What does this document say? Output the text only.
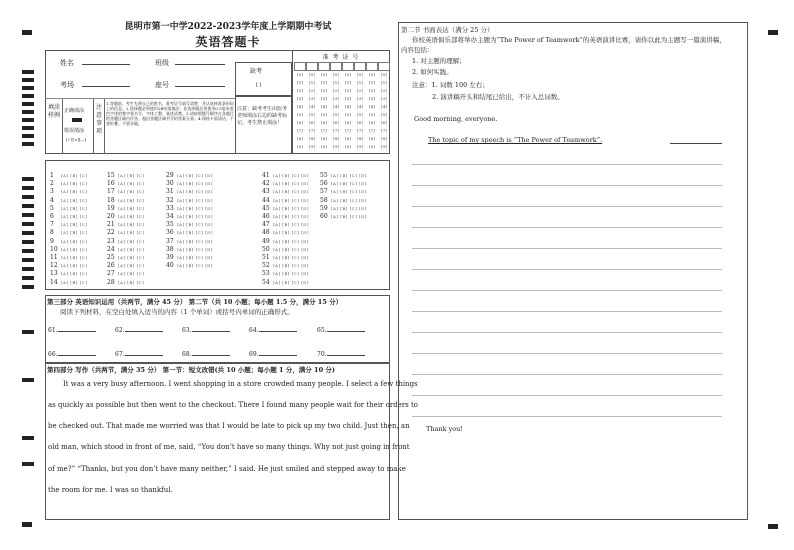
昆明市第一中学2022-2023学年度上学期期中考试
英语答题卡
姓名	班级
考场	座号
缺考
[ ]
填涂样例
正确填涂
错误填涂
[✓][×][—]
注意事项
1.答题前，考生先将自己的姓名、准考证号填写清楚，并认真核准条形码上的信息。2.选择题必须使用2B铅笔填涂；非选择题必须使用0.5毫米黑色字迹的签字笔书写，字体工整、笔迹清楚。3.请按照题号顺序在各题目的答题区域内作答，超出答题区域书写的答案无效。4.保持卡面清洁，不要折叠、不要弄破。
注意：缺考考生由监考老师填涂右边的缺考标记。考生禁止填涂！
准 考 证 号
[0]
[1]
[2]
[3]
[4]
[5]
[6]
[7]
[8]
[9]
[0]
[1]
[2]
[3]
[4]
[5]
[6]
[7]
[8]
[9]
[0]
[1]
[2]
[3]
[4]
[5]
[6]
[7]
[8]
[9]
[0]
[1]
[2]
[3]
[4]
[5]
[6]
[7]
[8]
[9]
[0]
[1]
[2]
[3]
[4]
[5]
[6]
[7]
[8]
[9]
[0]
[1]
[2]
[3]
[4]
[5]
[6]
[7]
[8]
[9]
[0]
[1]
[2]
[3]
[4]
[5]
[6]
[7]
[8]
[9]
[0]
[1]
[2]
[3]
[4]
[5]
[6]
[7]
[8]
[9]
1 [A] [B] [C]
2 [A] [B] [C]
3 [A] [B] [C]
4 [A] [B] [C]
5 [A] [B] [C]
6 [A] [B] [C]
7 [A] [B] [C]
8 [A] [B] [C]
9 [A] [B] [C]
10 [A] [B] [C]
11 [A] [B] [C]
12 [A] [B] [C]
13 [A] [B] [C]
14 [A] [B] [C]
15 [A] [B] [C]
16 [A] [B] [C]
17 [A] [B] [C]
18 [A] [B] [C]
19 [A] [B] [C]
20 [A] [B] [C]
21 [A] [B] [C]
22 [A] [B] [C]
23 [A] [B] [C]
24 [A] [B] [C]
25 [A] [B] [C]
26 [A] [B] [C]
27 [A] [B] [C]
28 [A] [B] [C]
29 [A] [B] [C] [D]
30 [A] [B] [C] [D]
31 [A] [B] [C] [D]
32 [A] [B] [C] [D]
33 [A] [B] [C] [D]
34 [A] [B] [C] [D]
35 [A] [B] [C] [D]
36 [A] [B] [C] [D]
37 [A] [B] [C] [D]
38 [A] [B] [C] [D]
39 [A] [B] [C] [D]
40 [A] [B] [C] [D]
41 [A] [B] [C] [D]
42 [A] [B] [C] [D]
43 [A] [B] [C] [D]
44 [A] [B] [C] [D]
45 [A] [B] [C] [D]
46 [A] [B] [C] [D]
47 [A] [B] [C] [D]
48 [A] [B] [C] [D]
49 [A] [B] [C] [D]
50 [A] [B] [C] [D]
51 [A] [B] [C] [D]
52 [A] [B] [C] [D]
53 [A] [B] [C] [D]
54 [A] [B] [C] [D]
55 [A] [B] [C] [D]
56 [A] [B] [C] [D]
57 [A] [B] [C] [D]
58 [A] [B] [C] [D]
59 [A] [B] [C] [D]
60 [A] [B] [C] [D]
第三部分 英语知识运用（共两节，满分 45 分） 第二节（共 10 小题；每小题 1.5 分，满分 15 分）
阅读下列材料，在空白处填入适当的内容（1 个单词）或括号内单词的正确形式。
61.	62.	63.	64.	65.
66.	67.	68.	69.	70.
第四部分 写作（共两节，满分 35 分） 第一节：短文改错(共 10 小题；每小题 1 分，满分 10 分)
It was a very busy afternoon. I went shopping in a store crowded many people. I select a few things
as quickly as possible but then went to the checkout. There I found many people wait for their orders to
be checked out. That made me worried was that I would be late to pick up my two child. Just then, an
old man, which stood in front of me, said, “You don’t have so many things. Why not just going in front
of me?” “Thanks, but you don’t have many neither,” I said. He just smiled and stepped away to make
the room for me. I was so thankful.
第二节 书面表达（满分 25 分）
你校英语俱乐部将举办主题为“The Power of Teamwork”的英语演讲比赛，请你以此为主题写一篇演讲稿，
内容包括：
1. 对主题的理解；
2. 如何实践。
注意：1. 词数 100 左右；
2. 演讲稿开头和结尾已给出，不计入总词数。
Good morning, everyone.
The topic of my speech is “The Power of Teamwork”.
Thank you!
